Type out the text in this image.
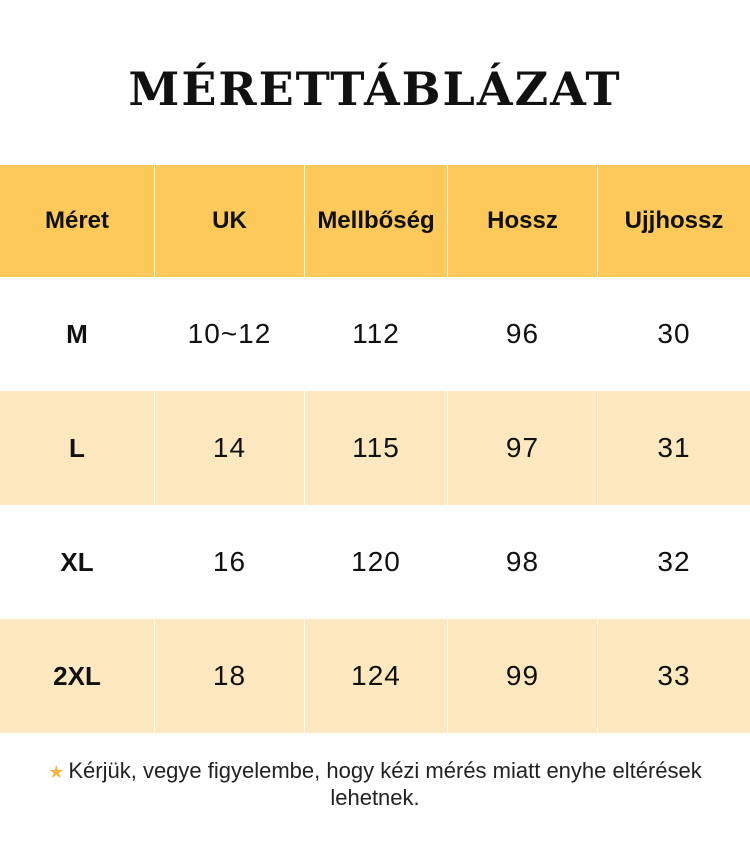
MÉRETTÁBLÁZAT
Méret	UK	Mellbőség	Hossz	Ujjhossz
M	10~12	112	96	30
L	14	115	97	31
XL	16	120	98	32
2XL	18	124	99	33
★ Kérjük, vegye figyelembe, hogy kézi mérés miatt enyhe eltérések lehetnek.
